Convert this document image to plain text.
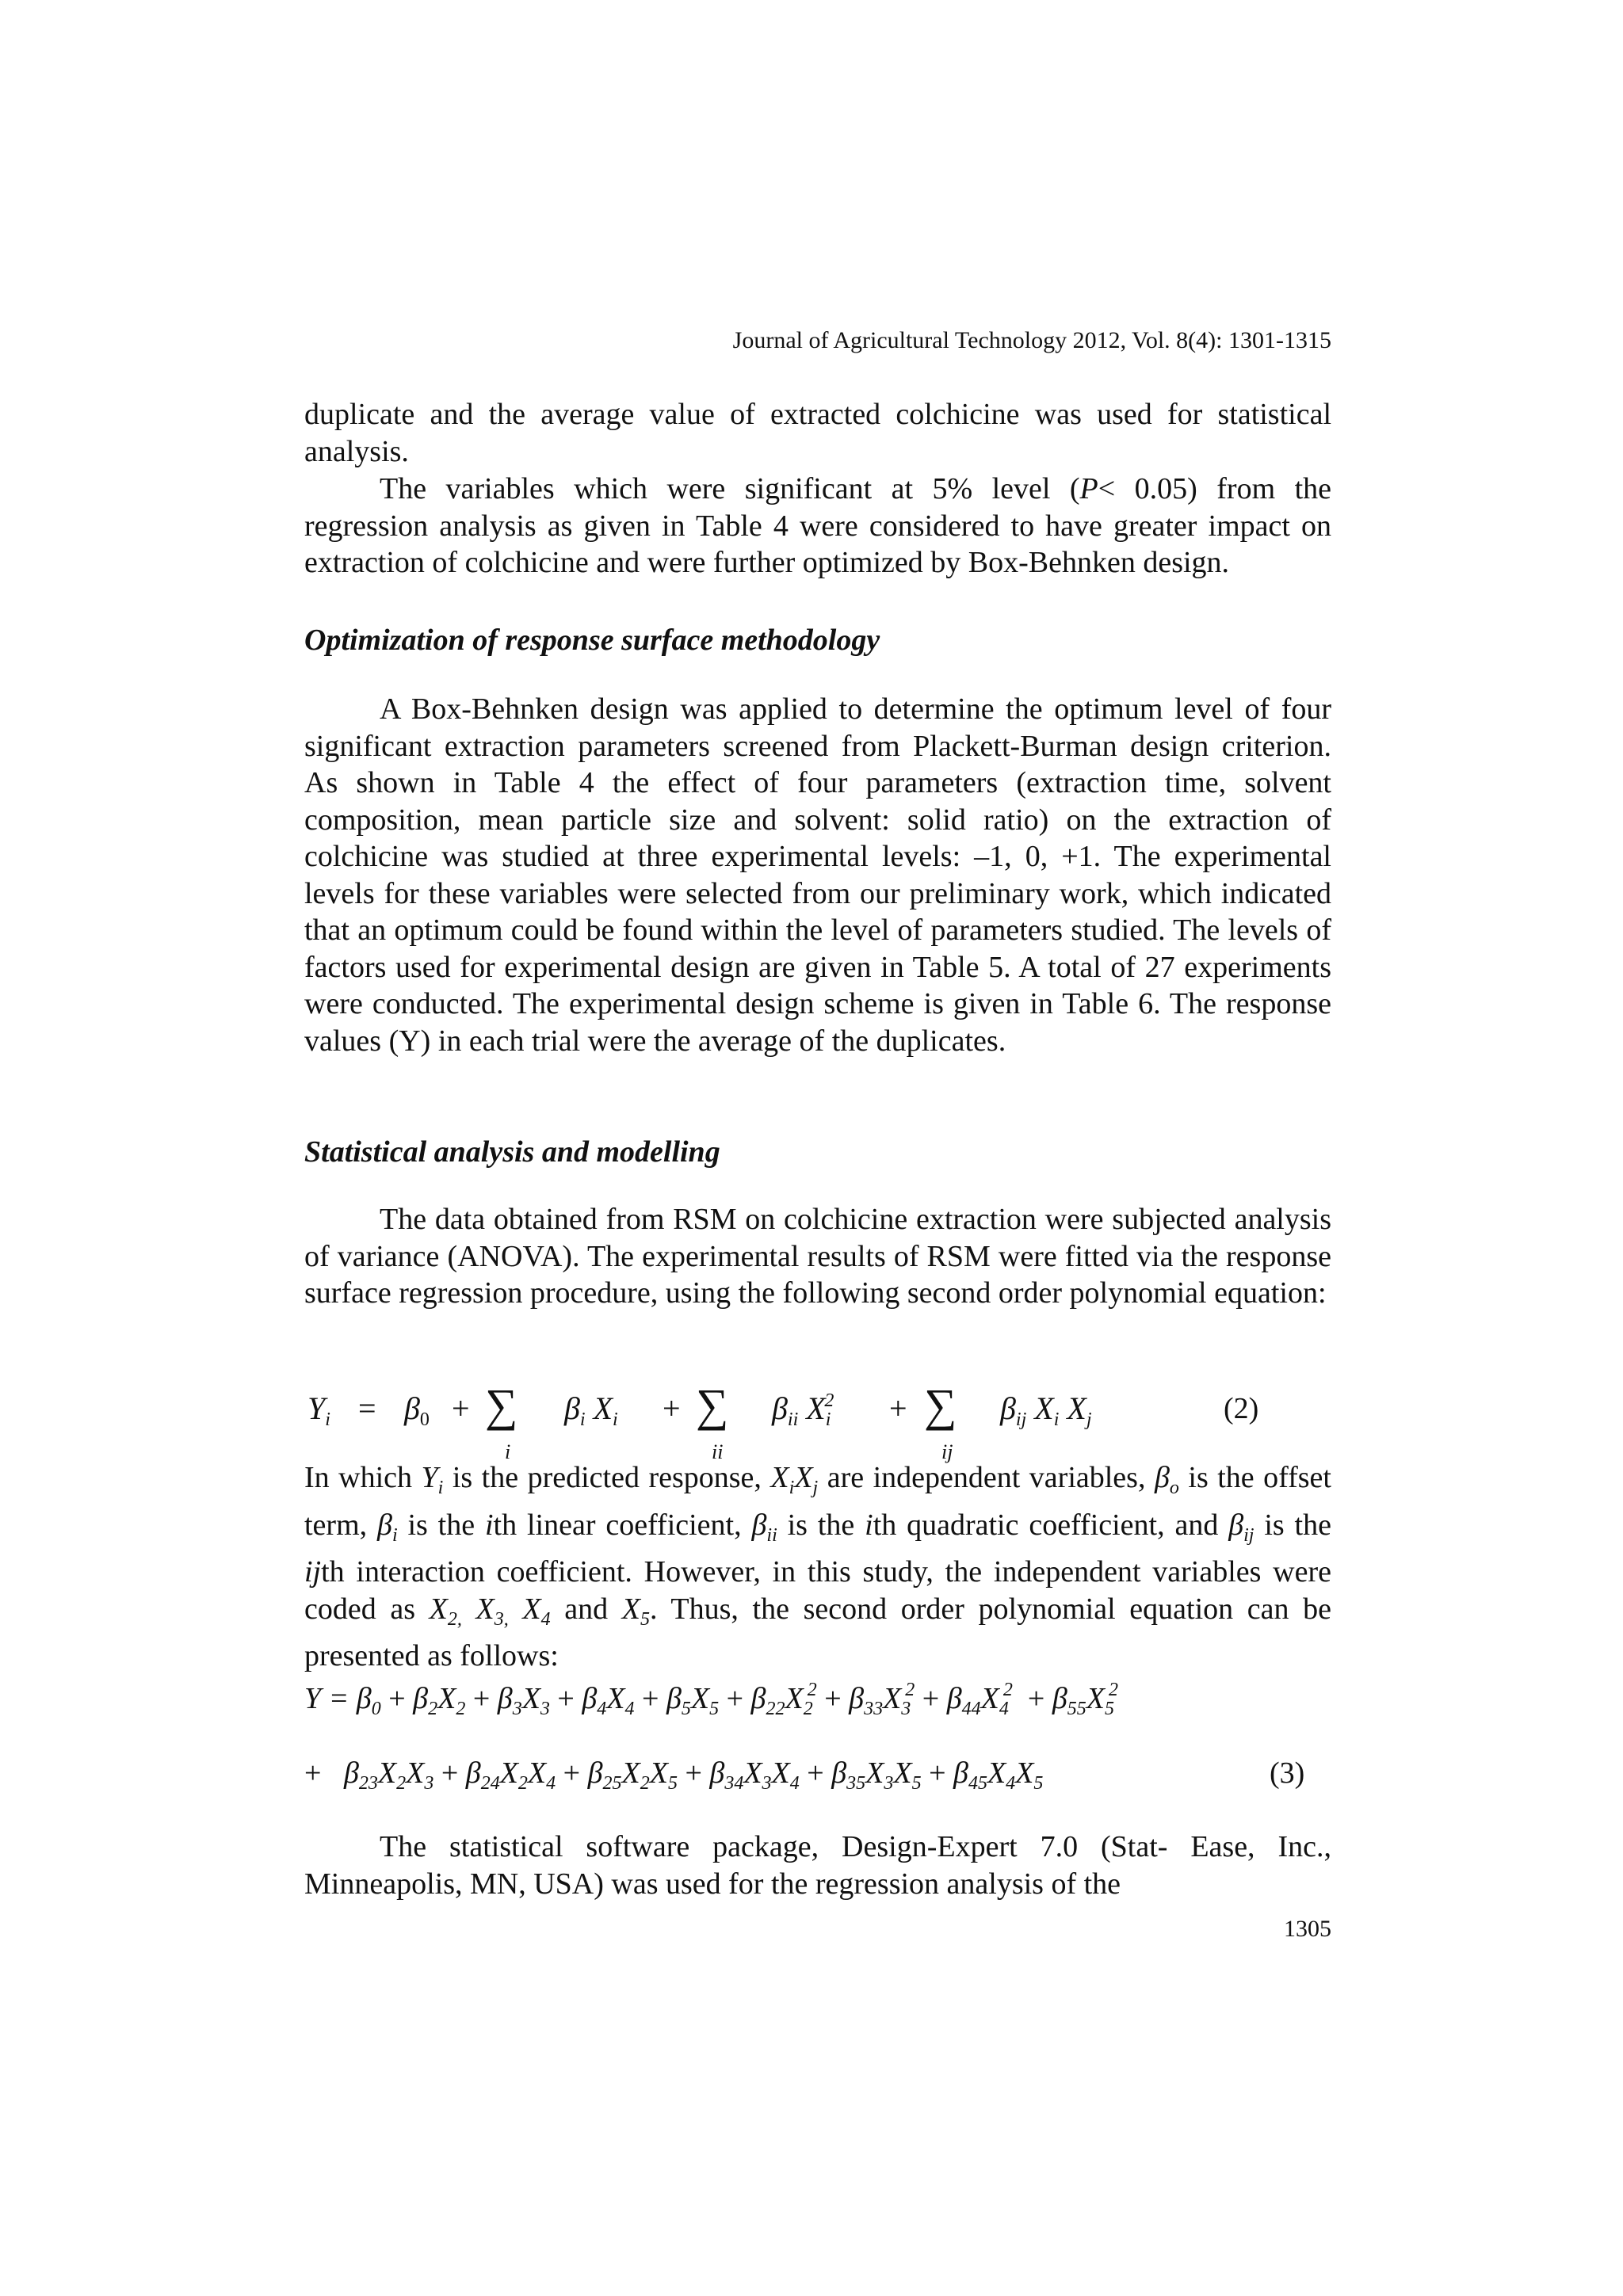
Journal of Agricultural Technology 2012, Vol. 8(4): 1301-1315

duplicate and the average value of extracted colchicine was used for statistical analysis.

The variables which were significant at 5% level (P< 0.05) from the regression analysis as given in Table 4 were considered to have greater impact on extraction of colchicine and were further optimized by Box-Behnken design.

Optimization of response surface methodology

A Box-Behnken design was applied to determine the optimum level of four significant extraction parameters screened from Plackett-Burman design criterion. As shown in Table 4 the effect of four parameters (extraction time, solvent composition, mean particle size and solvent: solid ratio) on the extraction of colchicine was studied at three experimental levels: –1, 0, +1. The experimental levels for these variables were selected from our preliminary work, which indicated that an optimum could be found within the level of parameters studied. The levels of factors used for experimental design are given in Table 5. A total of 27 experiments were conducted. The experimental design scheme is given in Table 6. The response values (Y) in each trial were the average of the duplicates.

Statistical analysis and modelling

The data obtained from RSM on colchicine extraction were subjected analysis of variance (ANOVA). The experimental results of RSM were fitted via the response surface regression procedure, using the following second order polynomial equation:

$Y_i = \beta_0$ + ∑
i
$\beta_i$ $X_i$ + ∑
ii
$\beta_{ii}$ $X_i^2$ + ∑
ij
$\beta_{ij}$ $X_i$ $X_j$	(2)

In which $Y_i$ is the predicted response, $X_iX_j$ are independent variables, $\beta_o$ is the offset term, $\beta_i$ is the ith linear coefficient, $\beta_{ii}$ is the ith quadratic coefficient, and $\beta_{ij}$ is the ijth interaction coefficient. However, in this study, the independent variables were coded as $X_{2,}$ $X_{3,}$ $X_4$ and $X_5$. Thus, the second order polynomial equation can be presented as follows:

$Y = \beta_0 + \beta_2X_2 + \beta_3X_3 + \beta_4X_4 + \beta_5X_5 + \beta_{22}X_2^2 + \beta_{33}X_3^2 + \beta_{44}X_4^2 + \beta_{55}X_5^2$
+   $\beta_{23}X_2X_3 + \beta_{24}X_2X_4 + \beta_{25}X_2X_5 + \beta_{34}X_3X_4 + \beta_{35}X_3X_5 + \beta_{45}X_4X_5$	(3)

The statistical software package, Design-Expert 7.0 (Stat- Ease, Inc., Minneapolis, MN, USA) was used for the regression analysis of the

1305
